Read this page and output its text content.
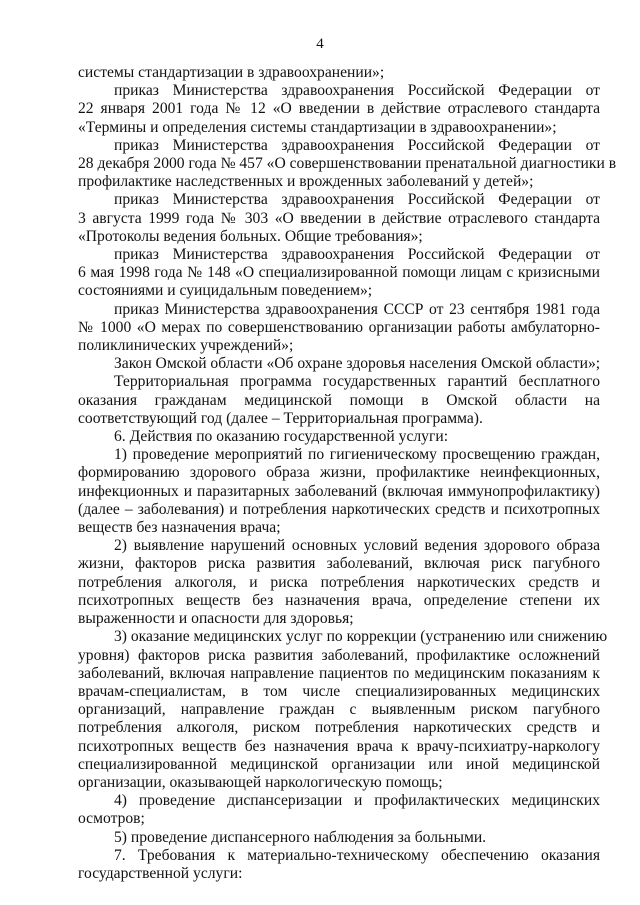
4
системы стандартизации в здравоохранении»;
приказ Министерства здравоохранения Российской Федерации от
22 января 2001 года № 12 «О введении в действие отраслевого стандарта
«Термины и определения системы стандартизации в здравоохранении»;
приказ Министерства здравоохранения Российской Федерации от
28 декабря 2000 года № 457 «О совершенствовании пренатальной диагностики в
профилактике наследственных и врожденных заболеваний у детей»;
приказ Министерства здравоохранения Российской Федерации от
3 августа 1999 года № 303 «О введении в действие отраслевого стандарта
«Протоколы ведения больных. Общие требования»;
приказ Министерства здравоохранения Российской Федерации от
6 мая 1998 года № 148 «О специализированной помощи лицам с кризисными
состояниями и суицидальным поведением»;
приказ Министерства здравоохранения СССР от 23 сентября 1981 года
№ 1000 «О мерах по совершенствованию организации работы амбулаторно-
поликлинических учреждений»;
Закон Омской области «Об охране здоровья населения Омской области»;
Территориальная программа государственных гарантий бесплатного
оказания гражданам медицинской помощи в Омской области на
соответствующий год (далее – Территориальная программа).
6. Действия по оказанию государственной услуги:
1) проведение мероприятий по гигиеническому просвещению граждан,
формированию здорового образа жизни, профилактике неинфекционных,
инфекционных и паразитарных заболеваний (включая иммунопрофилактику)
(далее – заболевания) и потребления наркотических средств и психотропных
веществ без назначения врача;
2) выявление нарушений основных условий ведения здорового образа
жизни, факторов риска развития заболеваний, включая риск пагубного
потребления алкоголя, и риска потребления наркотических средств и
психотропных веществ без назначения врача, определение степени их
выраженности и опасности для здоровья;
3) оказание медицинских услуг по коррекции (устранению или снижению
уровня) факторов риска развития заболеваний, профилактике осложнений
заболеваний, включая направление пациентов по медицинским показаниям к
врачам-специалистам, в том числе специализированных медицинских
организаций, направление граждан с выявленным риском пагубного
потребления алкоголя, риском потребления наркотических средств и
психотропных веществ без назначения врача к врачу-психиатру-наркологу
специализированной медицинской организации или иной медицинской
организации, оказывающей наркологическую помощь;
4) проведение диспансеризации и профилактических медицинских
осмотров;
5) проведение диспансерного наблюдения за больными.
7. Требования к материально-техническому обеспечению оказания
государственной услуги:
